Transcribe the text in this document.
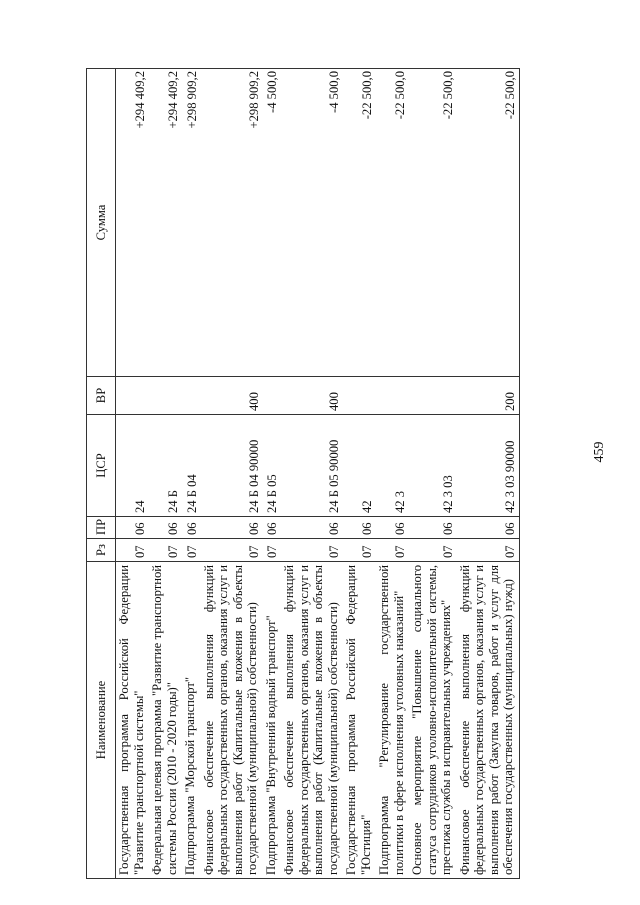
459
Наименование	Рз	ПР	ЦСР	ВР	Сумма
Государственная программа Российской Федерации "Развитие транспортной системы"	07	06	24		+294 409,2
Федеральная целевая программа "Развитие транспортной системы России (2010 - 2020 годы)"	07	06	24 Б		+294 409,2
Подпрограмма "Морской транспорт"	07	06	24 Б 04		+298 909,2
Финансовое обеспечение выполнения функций федеральных государственных органов, оказания услуг и выполнения работ (Капитальные вложения в объекты государственной (муниципальной) собственности)	07	06	24 Б 04 90000	400	+298 909,2
Подпрограмма "Внутренний водный транспорт"	07	06	24 Б 05		-4 500,0
Финансовое обеспечение выполнения функций федеральных государственных органов, оказания услуг и выполнения работ (Капитальные вложения в объекты государственной (муниципальной) собственности)	07	06	24 Б 05 90000	400	-4 500,0
Государственная программа Российской Федерации "Юстиция"	07	06	42		-22 500,0
Подпрограмма "Регулирование государственной политики в сфере исполнения уголовных наказаний"	07	06	42 3		-22 500,0
Основное мероприятие "Повышение социального статуса сотрудников уголовно-исполнительной системы, престижа службы в исправительных учреждениях"	07	06	42 3 03		-22 500,0
Финансовое обеспечение выполнения функций федеральных государственных органов, оказания услуг и выполнения работ (Закупка товаров, работ и услуг для обеспечения государственных (муниципальных) нужд)	07	06	42 3 03 90000	200	-22 500,0
